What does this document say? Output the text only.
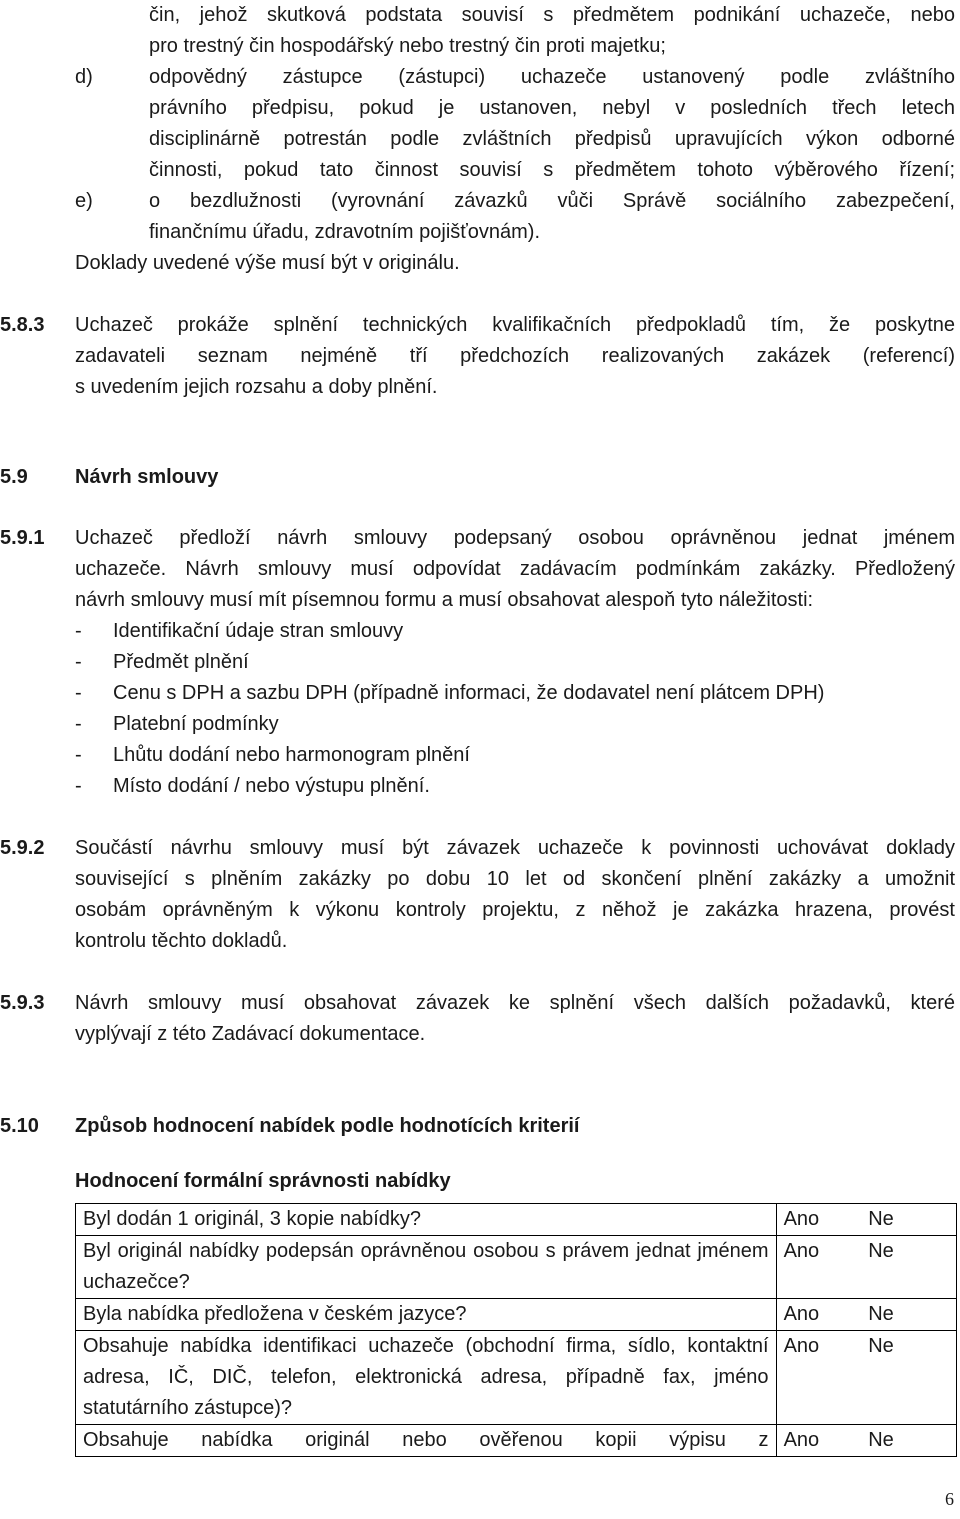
čin, jehož skutková podstata souvisí s předmětem podnikání uchazeče, nebo
pro trestný čin hospodářský nebo trestný čin proti majetku;
d)	odpovědný zástupce (zástupci) uchazeče ustanovený podle zvláštního
právního předpisu, pokud je ustanoven, nebyl v posledních třech letech
disciplinárně potrestán podle zvláštních předpisů upravujících výkon odborné
činnosti, pokud tato činnost souvisí s předmětem tohoto výběrového řízení;
e)	o bezdlužnosti (vyrovnání závazků vůči Správě sociálního zabezpečení,
finančnímu úřadu, zdravotním pojišťovnám).
Doklady uvedené výše musí být v originálu.
5.8.3 Uchazeč prokáže splnění technických kvalifikačních předpokladů tím, že poskytne
zadavateli seznam nejméně tří předchozích realizovaných zakázek (referencí)
s uvedením jejich rozsahu a doby plnění.
5.9 Návrh smlouvy
5.9.1 Uchazeč předloží návrh smlouvy podepsaný osobou oprávněnou jednat jménem
uchazeče. Návrh smlouvy musí odpovídat zadávacím podmínkám zakázky. Předložený
návrh smlouvy musí mít písemnou formu a musí obsahovat alespoň tyto náležitosti:
- Identifikační údaje stran smlouvy
- Předmět plnění
- Cenu s DPH a sazbu DPH (případně informaci, že dodavatel není plátcem DPH)
- Platební podmínky
- Lhůtu dodání nebo harmonogram plnění
- Místo dodání / nebo výstupu plnění.
5.9.2 Součástí návrhu smlouvy musí být závazek uchazeče k povinnosti uchovávat doklady
související s plněním zakázky po dobu 10 let od skončení plnění zakázky a umožnit
osobám oprávněným k výkonu kontroly projektu, z něhož je zakázka hrazena, provést
kontrolu těchto dokladů.
5.9.3 Návrh smlouvy musí obsahovat závazek ke splnění všech dalších požadavků, které
vyplývají z této Zadávací dokumentace.
5.10 Způsob hodnocení nabídek podle hodnotících kriterií
Hodnocení formální správnosti nabídky
Byl dodán 1 originál, 3 kopie nabídky?	Ano	Ne
Byl originál nabídky podepsán oprávněnou osobou s právem jednat jménem uchazečce?	Ano	Ne
Byla nabídka předložena v českém jazyce?	Ano	Ne
Obsahuje nabídka identifikaci uchazeče (obchodní firma, sídlo, kontaktní adresa, IČ, DIČ, telefon, elektronická adresa, případně fax, jméno statutárního zástupce)?	Ano	Ne
Obsahuje nabídka originál nebo ověřenou kopii výpisu z	Ano	Ne
6
